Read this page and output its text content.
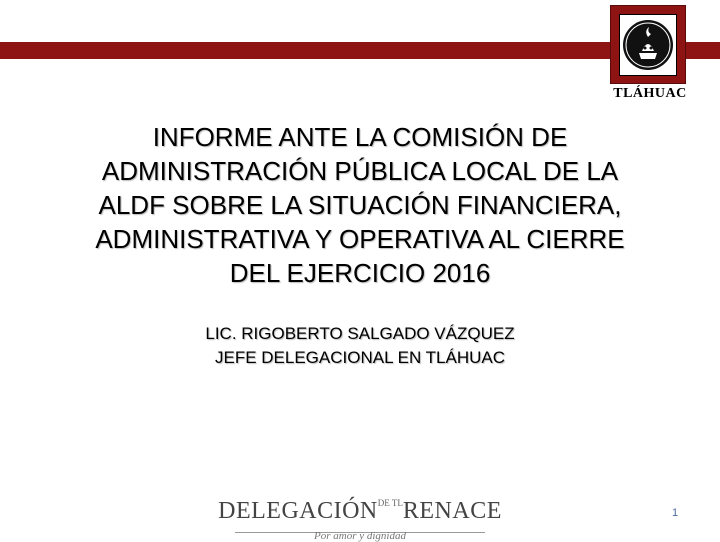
TLÁHUAC
INFORME ANTE LA COMISIÓN DE
ADMINISTRACIÓN PÚBLICA LOCAL DE LA
ALDF SOBRE LA SITUACIÓN FINANCIERA,
ADMINISTRATIVA Y OPERATIVA AL CIERRE
DEL EJERCICIO 2016
LIC. RIGOBERTO SALGADO VÁZQUEZ
JEFE DELEGACIONAL EN TLÁHUAC
$DELEGACIÓN^{DE TL}RENACE$
Por amor y dignidad
1
